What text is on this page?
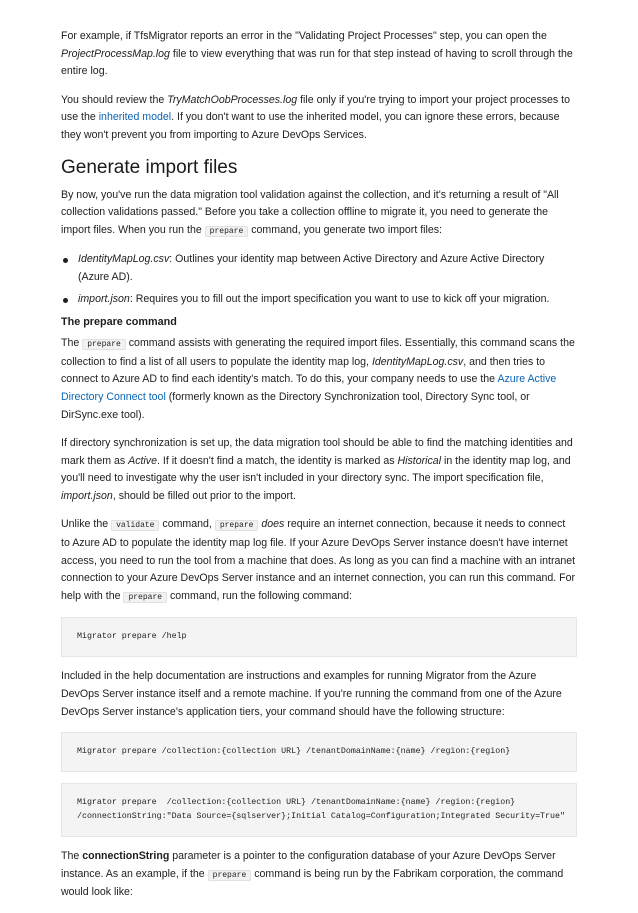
For example, if TfsMigrator reports an error in the "Validating Project Processes" step, you can open the ProjectProcessMap.log file to view everything that was run for that step instead of having to scroll through the entire log.

You should review the TryMatchOobProcesses.log file only if you're trying to import your project processes to use the inherited model. If you don't want to use the inherited model, you can ignore these errors, because they won't prevent you from importing to Azure DevOps Services.

Generate import files

By now, you've run the data migration tool validation against the collection, and it's returning a result of "All collection validations passed." Before you take a collection offline to migrate it, you need to generate the import files. When you run the prepare command, you generate two import files:

IdentityMapLog.csv: Outlines your identity map between Active Directory and Azure Active Directory (Azure AD).
import.json: Requires you to fill out the import specification you want to use to kick off your migration.
The prepare command

The prepare command assists with generating the required import files. Essentially, this command scans the collection to find a list of all users to populate the identity map log, IdentityMapLog.csv, and then tries to connect to Azure AD to find each identity's match. To do this, your company needs to use the Azure Active Directory Connect tool (formerly known as the Directory Synchronization tool, Directory Sync tool, or DirSync.exe tool).

If directory synchronization is set up, the data migration tool should be able to find the matching identities and mark them as Active. If it doesn't find a match, the identity is marked as Historical in the identity map log, and you'll need to investigate why the user isn't included in your directory sync. The import specification file, import.json, should be filled out prior to the import.

Unlike the validate command, prepare does require an internet connection, because it needs to connect to Azure AD to populate the identity map log file. If your Azure DevOps Server instance doesn't have internet access, you need to run the tool from a machine that does. As long as you can find a machine with an intranet connection to your Azure DevOps Server instance and an internet connection, you can run this command. For help with the prepare command, run the following command:

Migrator prepare /help

Included in the help documentation are instructions and examples for running Migrator from the Azure DevOps Server instance itself and a remote machine. If you're running the command from one of the Azure DevOps Server instance's application tiers, your command should have the following structure:

Migrator prepare /collection:{collection URL} /tenantDomainName:{name} /region:{region}
Migrator prepare  /collection:{collection URL} /tenantDomainName:{name} /region:{region}
/connectionString:"Data Source={sqlserver};Initial Catalog=Configuration;Integrated Security=True"

The connectionString parameter is a pointer to the configuration database of your Azure DevOps Server instance. As an example, if the prepare command is being run by the Fabrikam corporation, the command would look like:
